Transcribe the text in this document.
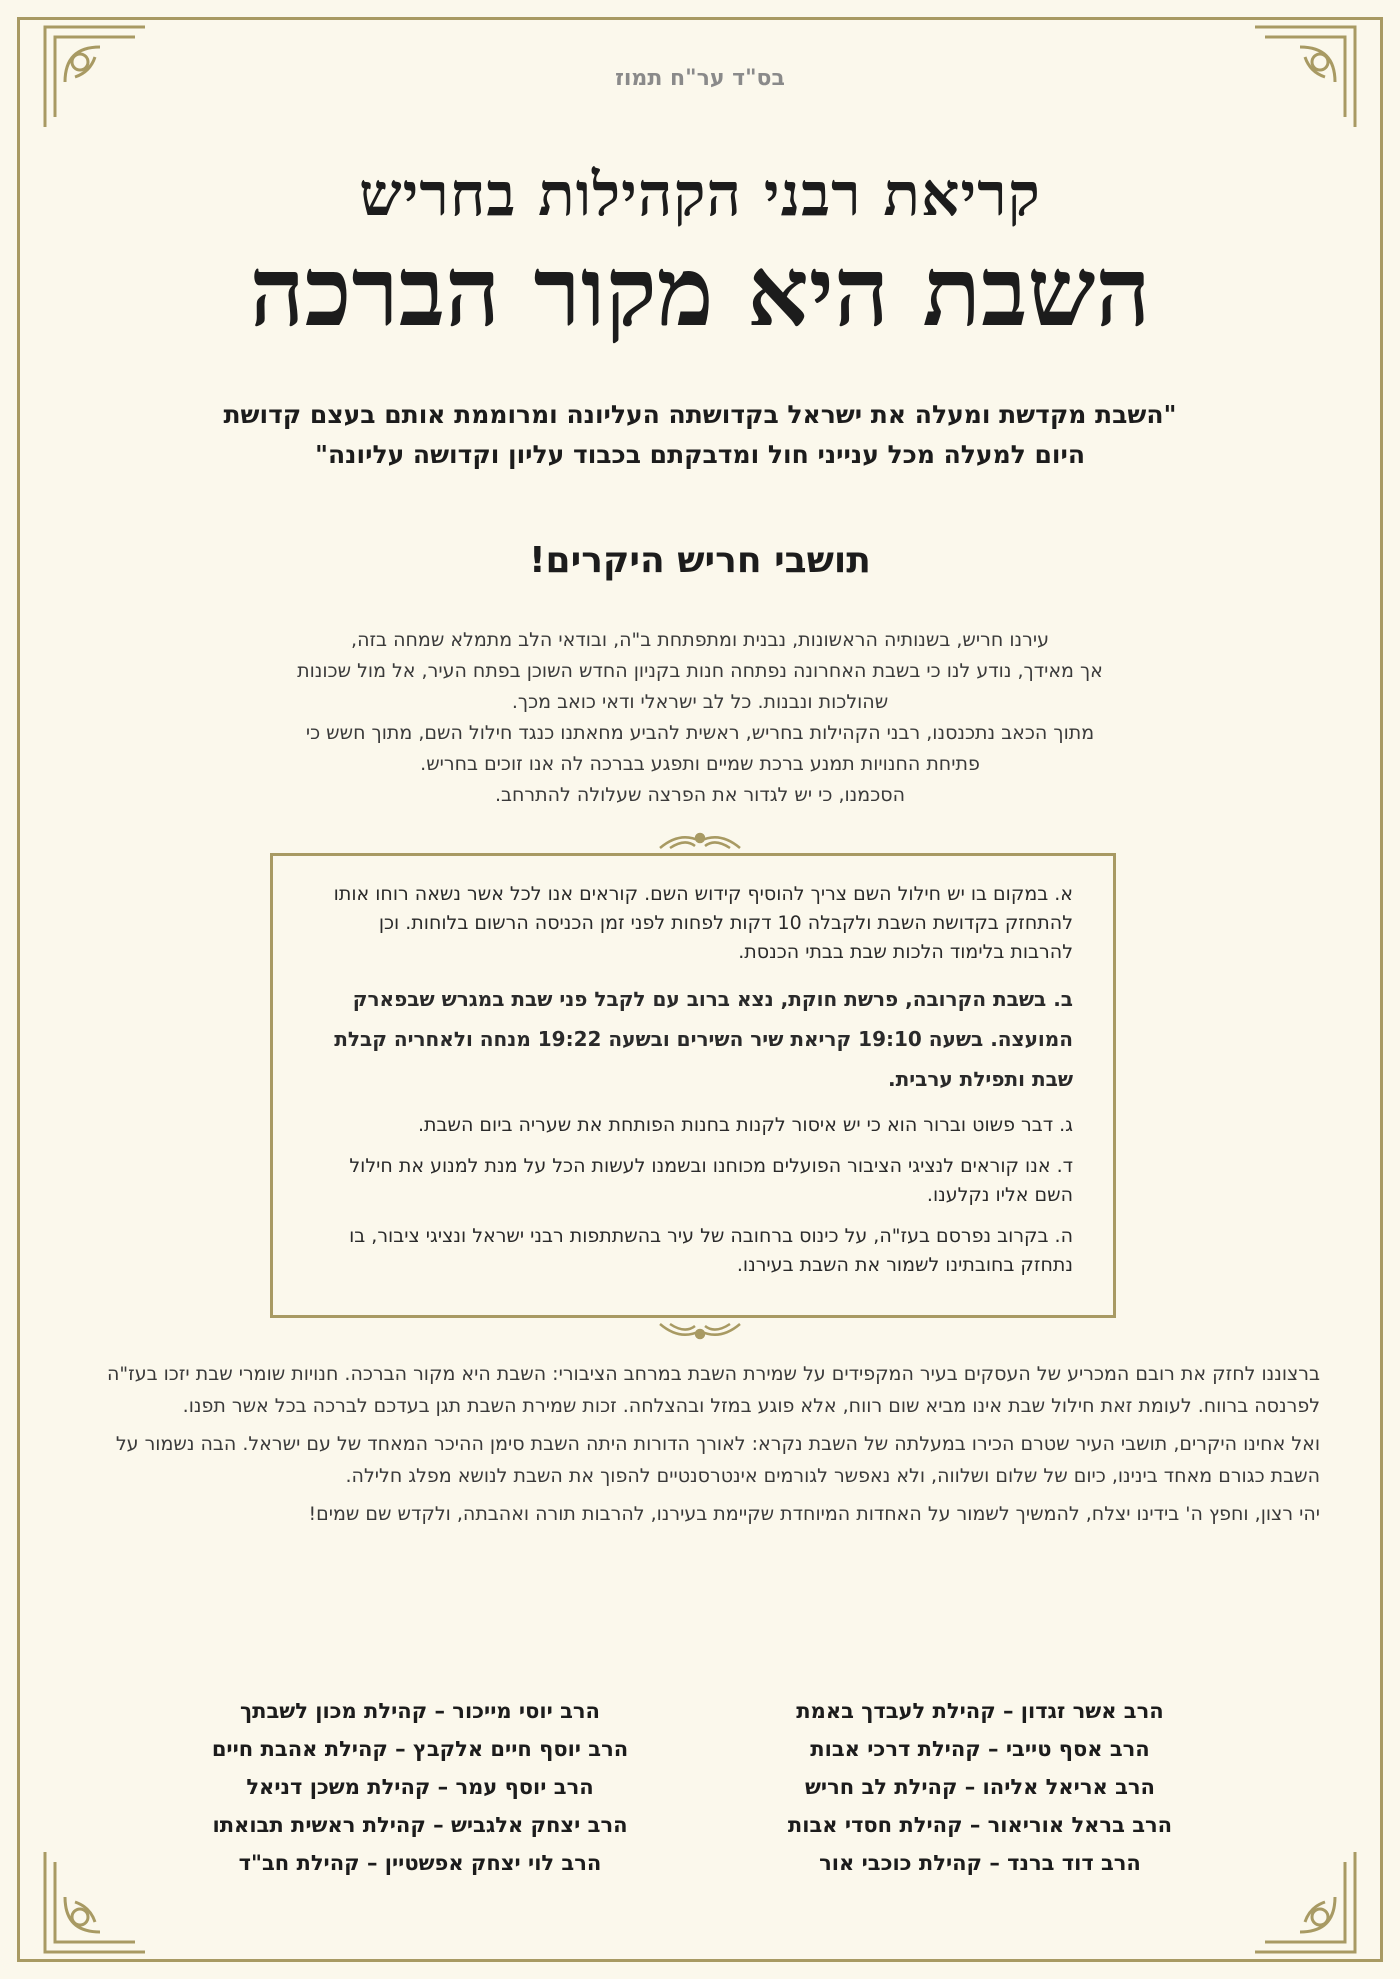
בס"ד ער"ח תמוז
קריאת רבני הקהילות בחריש
השבת היא מקור הברכה
"השבת מקדשת ומעלה את ישראל בקדושתה העליונה ומרוממת אותם בעצם קדושת
היום למעלה מכל ענייני חול ומדבקתם בכבוד עליון וקדושה עליונה"
תושבי חריש היקרים!

עירנו חריש, בשנותיה הראשונות, נבנית ומתפתחת ב"ה, ובודאי הלב מתמלא שמחה בזה,

אך מאידך, נודע לנו כי בשבת האחרונה נפתחה חנות בקניון החדש השוכן בפתח העיר, אל מול שכונות

שהולכות ונבנות. כל לב ישראלי ודאי כואב מכך.

מתוך הכאב נתכנסנו, רבני הקהילות בחריש, ראשית להביע מחאתנו כנגד חילול השם, מתוך חשש כי

פתיחת החנויות תמנע ברכת שמיים ותפגע בברכה לה אנו זוכים בחריש.

הסכמנו, כי יש לגדור את הפרצה שעלולה להתרחב.

א. במקום בו יש חילול השם צריך להוסיף קידוש השם. קוראים אנו לכל אשר נשאה רוחו אותו להתחזק בקדושת השבת ולקבלה 10 דקות לפחות לפני זמן הכניסה הרשום בלוחות. וכן להרבות בלימוד הלכות שבת בבתי הכנסת.

ב. בשבת הקרובה, פרשת חוקת, נצא ברוב עם לקבל פני שבת במגרש שבפארק המועצה. בשעה 19:10 קריאת שיר השירים ובשעה 19:22 מנחה ולאחריה קבלת שבת ותפילת ערבית.

ג. דבר פשוט וברור הוא כי יש איסור לקנות בחנות הפותחת את שעריה ביום השבת.

ד. אנו קוראים לנציגי הציבור הפועלים מכוחנו ובשמנו לעשות הכל על מנת למנוע את חילול השם אליו נקלענו.

ה. בקרוב נפרסם בעז"ה, על כינוס ברחובה של עיר בהשתתפות רבני ישראל ונציגי ציבור, בו נתחזק בחובתינו לשמור את השבת בעירנו.

ברצוננו לחזק את רובם המכריע של העסקים בעיר המקפידים על שמירת השבת במרחב הציבורי: השבת היא מקור הברכה. חנויות שומרי שבת יזכו בעז"ה לפרנסה ברווח. לעומת זאת חילול שבת אינו מביא שום רווח, אלא פוגע במזל ובהצלחה. זכות שמירת השבת תגן בעדכם לברכה בכל אשר תפנו.

ואל אחינו היקרים, תושבי העיר שטרם הכירו במעלתה של השבת נקרא: לאורך הדורות היתה השבת סימן ההיכר המאחד של עם ישראל. הבה נשמור על השבת כגורם מאחד בינינו, כיום של שלום ושלווה, ולא נאפשר לגורמים אינטרסנטיים להפוך את השבת לנושא מפלג חלילה.

יהי רצון, וחפץ ה' בידינו יצלח, להמשיך לשמור על האחדות המיוחדת שקיימת בעירנו, להרבות תורה ואהבתה, ולקדש שם שמים!

הרב אשר זגדון – קהילת לעבדך באמת
הרב אסף טייבי – קהילת דרכי אבות
הרב אריאל אליהו – קהילת לב חריש
הרב בראל אוריאור – קהילת חסדי אבות
הרב דוד ברנד – קהילת כוכבי אור
הרב יוסי מייכור – קהילת מכון לשבתך
הרב יוסף חיים אלקבץ – קהילת אהבת חיים
הרב יוסף עמר – קהילת משכן דניאל
הרב יצחק אלגביש – קהילת ראשית תבואתו
הרב לוי יצחק אפשטיין – קהילת חב"ד
